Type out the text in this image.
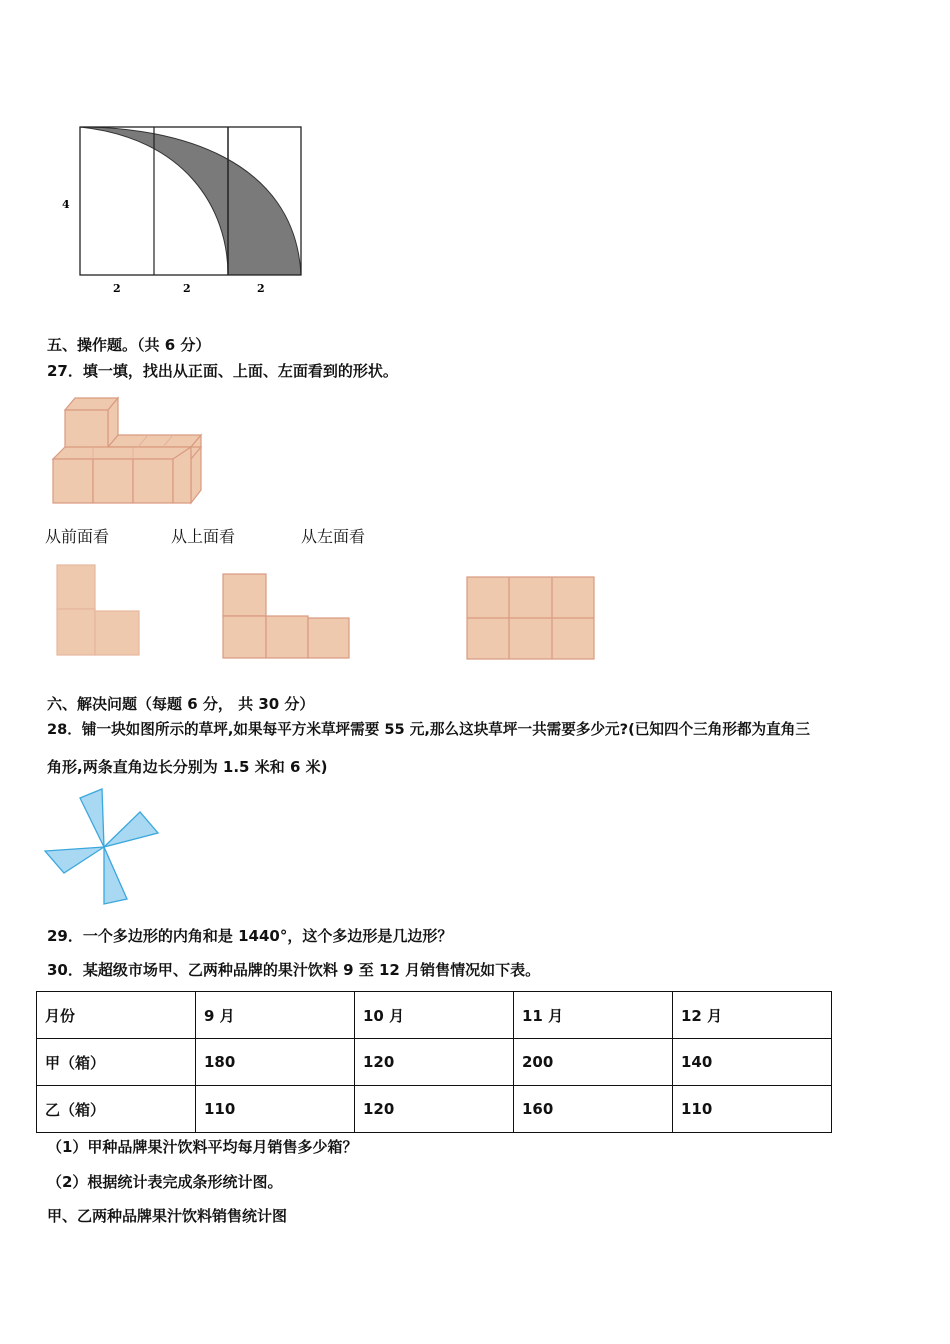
4
2	2	2
五、操作题。（共 6 分）
27．填一填，找出从正面、上面、左面看到的形状。
从前面看	从上面看	从左面看
六、解决问题（每题 6 分， 共 30 分）
28．铺一块如图所示的草坪,如果每平方米草坪需要 55 元,那么这块草坪一共需要多少元?(已知四个三角形都为直角三
角形,两条直角边长分别为 1.5 米和 6 米)
29．一个多边形的内角和是 1440°，这个多边形是几边形？
30．某超级市场甲、乙两种品牌的果汁饮料 9 至 12 月销售情况如下表。
月份	9 月	10 月	11 月	12 月
甲（箱）	180	120	200	140
乙（箱）	110	120	160	110
（1）甲种品牌果汁饮料平均每月销售多少箱？
（2）根据统计表完成条形统计图。
甲、乙两种品牌果汁饮料销售统计图
